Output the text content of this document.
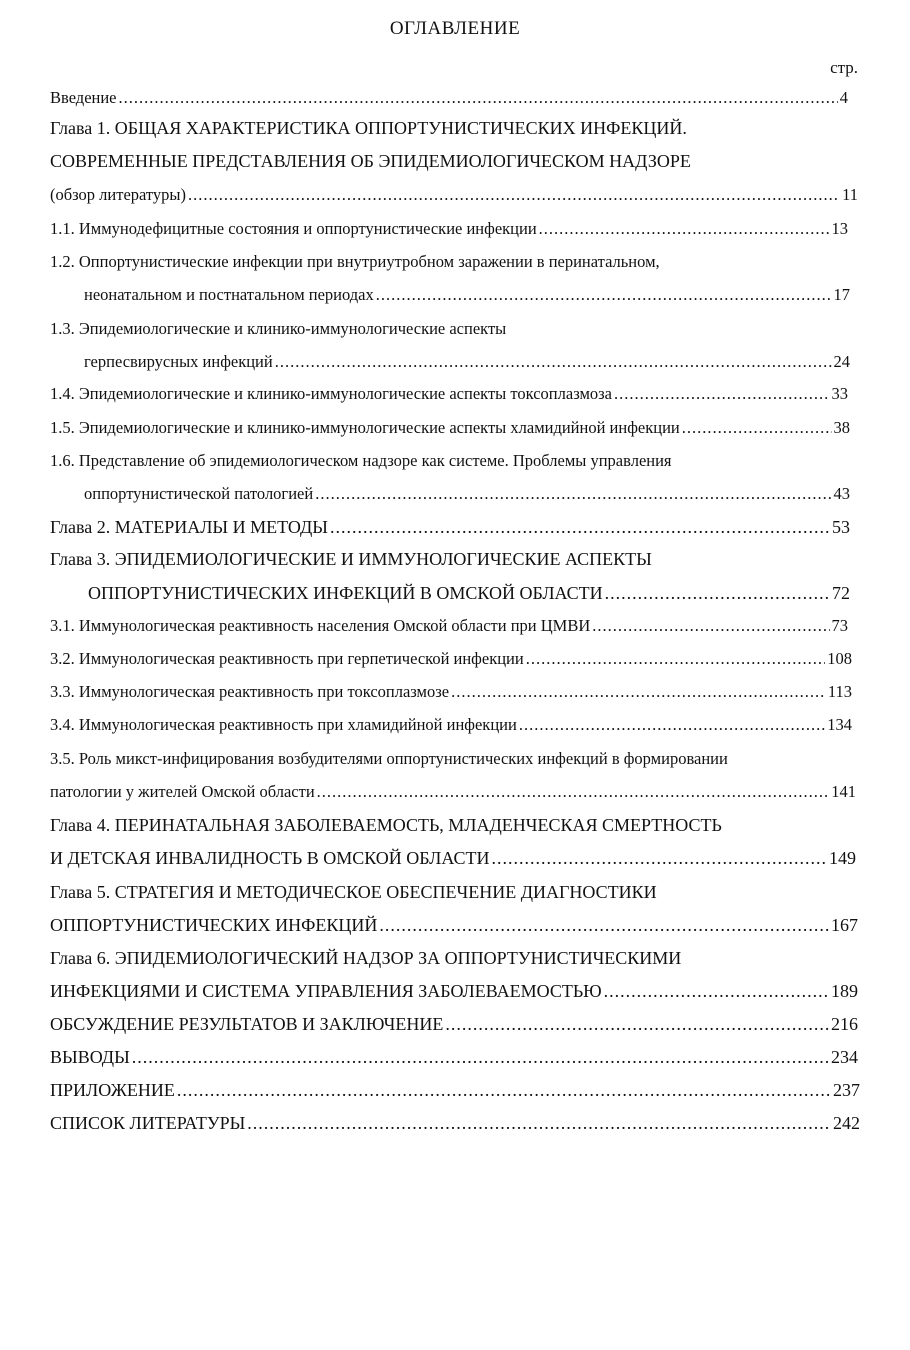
ОГЛАВЛЕНИЕ
стр.
Введение .....	4
Глава 1. ОБЩАЯ ХАРАКТЕРИСТИКА ОППОРТУНИСТИЧЕСКИХ ИНФЕКЦИЙ.
СОВРЕМЕННЫЕ ПРЕДСТАВЛЕНИЯ ОБ ЭПИДЕМИОЛОГИЧЕСКОМ НАДЗОРЕ
(обзор литературы) .....	11
1.1. Иммунодефицитные состояния и оппортунистические инфекции .....	13
1.2. Оппортунистические инфекции при внутриутробном заражении в перинатальном,
неонатальном и постнатальном периодах .....	17
1.3. Эпидемиологические и клинико-иммунологические аспекты
герпесвирусных инфекций .....	24
1.4. Эпидемиологические и клинико-иммунологические аспекты токсоплазмоза .....	33
1.5. Эпидемиологические и клинико-иммунологические аспекты хламидийной инфекции .....	38
1.6. Представление об эпидемиологическом надзоре как системе. Проблемы управления
оппортунистической патологией .....	43
Глава 2. МАТЕРИАЛЫ И МЕТОДЫ .....	53
Глава 3. ЭПИДЕМИОЛОГИЧЕСКИЕ И ИММУНОЛОГИЧЕСКИЕ АСПЕКТЫ
ОППОРТУНИСТИЧЕСКИХ ИНФЕКЦИЙ В ОМСКОЙ ОБЛАСТИ .....	72
3.1. Иммунологическая реактивность населения Омской области при ЦМВИ .....	73
3.2. Иммунологическая реактивность при герпетической инфекции .....	108
3.3. Иммунологическая реактивность при токсоплазмозе .....	113
3.4. Иммунологическая реактивность при хламидийной инфекции .....	134
3.5. Роль микст-инфицирования возбудителями оппортунистических инфекций в формировании
патологии у жителей Омской области .....	141
Глава 4. ПЕРИНАТАЛЬНАЯ ЗАБОЛЕВАЕМОСТЬ, МЛАДЕНЧЕСКАЯ СМЕРТНОСТЬ
И ДЕТСКАЯ ИНВАЛИДНОСТЬ В ОМСКОЙ ОБЛАСТИ .....	149
Глава 5. СТРАТЕГИЯ И МЕТОДИЧЕСКОЕ ОБЕСПЕЧЕНИЕ ДИАГНОСТИКИ
ОППОРТУНИСТИЧЕСКИХ ИНФЕКЦИЙ .....	167
Глава 6. ЭПИДЕМИОЛОГИЧЕСКИЙ НАДЗОР ЗА ОППОРТУНИСТИЧЕСКИМИ
ИНФЕКЦИЯМИ И СИСТЕМА УПРАВЛЕНИЯ ЗАБОЛЕВАЕМОСТЬЮ .....	189
ОБСУЖДЕНИЕ РЕЗУЛЬТАТОВ И ЗАКЛЮЧЕНИЕ .....	216
ВЫВОДЫ .....	234
ПРИЛОЖЕНИЕ .....	237
СПИСОК ЛИТЕРАТУРЫ .....	242
